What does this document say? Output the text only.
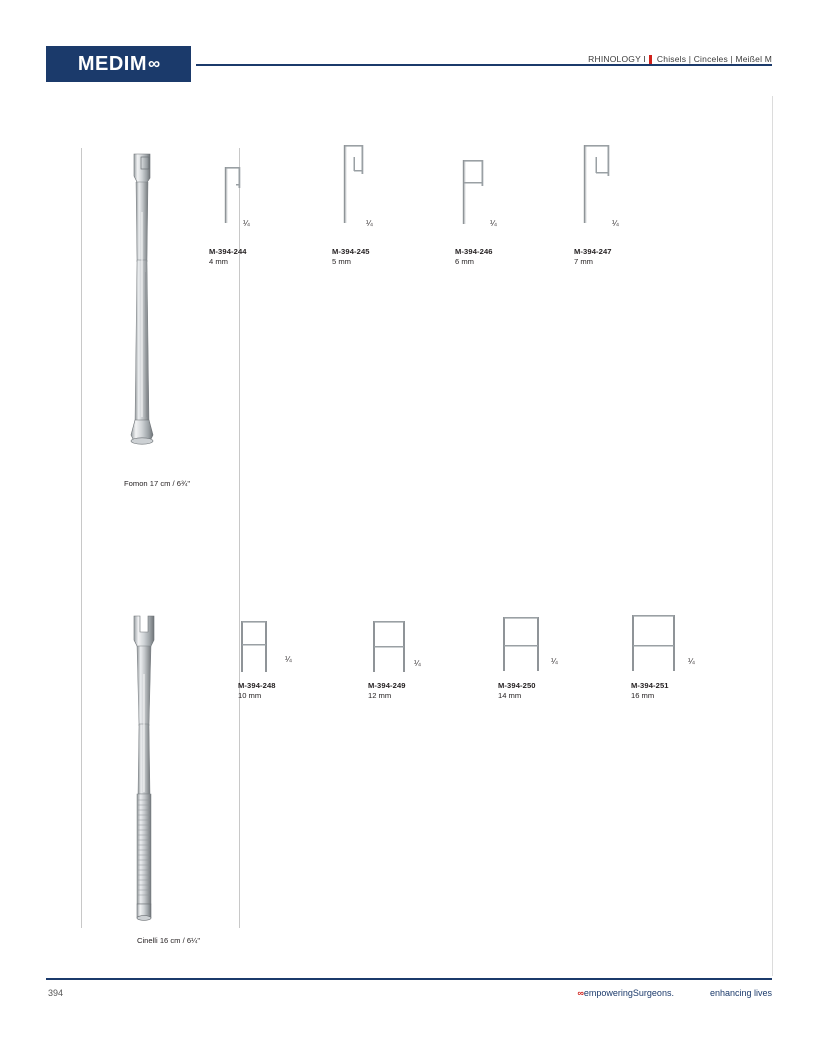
MEDIM ∞	RHINOLOGY I Chisels | Cinceles | Meißel M
Fomon 17 cm / 6¾"
¼
M-394-244
4 mm
¼
M-394-245
5 mm
¼
M-394-246
6 mm
¼
M-394-247
7 mm
Cinelli 16 cm / 6¼"
¼
M-394-248
10 mm
¼
M-394-249
12 mm
¼
M-394-250
14 mm
¼
M-394-251
16 mm
394	∞empoweringSurgeons.	enhancing lives
